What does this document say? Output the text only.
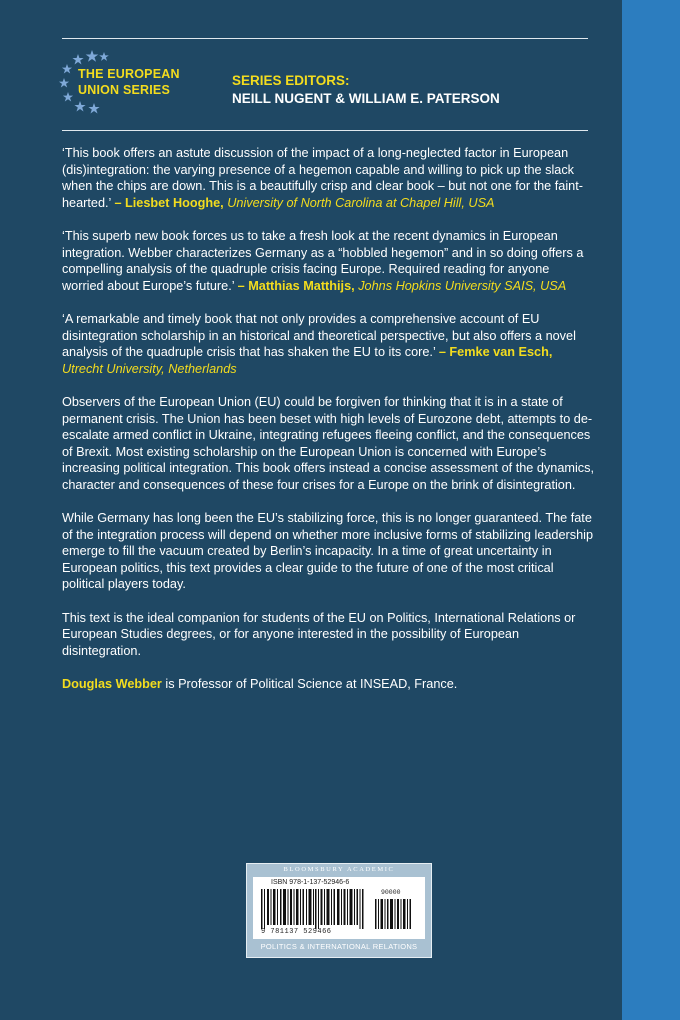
THE EUROPEAN
UNION SERIES
SERIES EDITORS:
NEILL NUGENT & WILLIAM E. PATERSON

‘This book offers an astute discussion of the impact of a long-neglected factor in European (dis)integration: the varying presence of a hegemon capable and willing to pick up the slack when the chips are down. This is a beautifully crisp and clear book – but not one for the faint-hearted.’ – Liesbet Hooghe, University of North Carolina at Chapel Hill, USA

‘This superb new book forces us to take a fresh look at the recent dynamics in European integration. Webber characterizes Germany as a “hobbled hegemon” and in so doing offers a compelling analysis of the quadruple crisis facing Europe. Required reading for anyone worried about Europe’s future.’ – Matthias Matthijs, Johns Hopkins University SAIS, USA

‘A remarkable and timely book that not only provides a comprehensive account of EU disintegration scholarship in an historical and theoretical perspective, but also offers a novel analysis of the quadruple crisis that has shaken the EU to its core.’ – Femke van Esch, Utrecht University, Netherlands

Observers of the European Union (EU) could be forgiven for thinking that it is in a state of permanent crisis. The Union has been beset with high levels of Eurozone debt, attempts to de-escalate armed conflict in Ukraine, integrating refugees fleeing conflict, and the consequences of Brexit. Most existing scholarship on the European Union is concerned with Europe’s increasing political integration. This book offers instead a concise assessment of the dynamics, character and consequences of these four crises for a Europe on the brink of disintegration.

While Germany has long been the EU’s stabilizing force, this is no longer guaranteed. The fate of the integration process will depend on whether more inclusive forms of stabilizing leadership emerge to fill the vacuum created by Berlin’s incapacity. In a time of great uncertainty in European politics, this text provides a clear guide to the future of one of the most critical political players today.

This text is the ideal companion for students of the EU on Politics, International Relations or European Studies degrees, or for anyone interested in the possibility of European disintegration.

Douglas Webber is Professor of Political Science at INSEAD, France.

BLOOMSBURY ACADEMIC
ISBN 978-1-137-52946-6
9 781137 529466
90000
POLITICS & INTERNATIONAL RELATIONS
